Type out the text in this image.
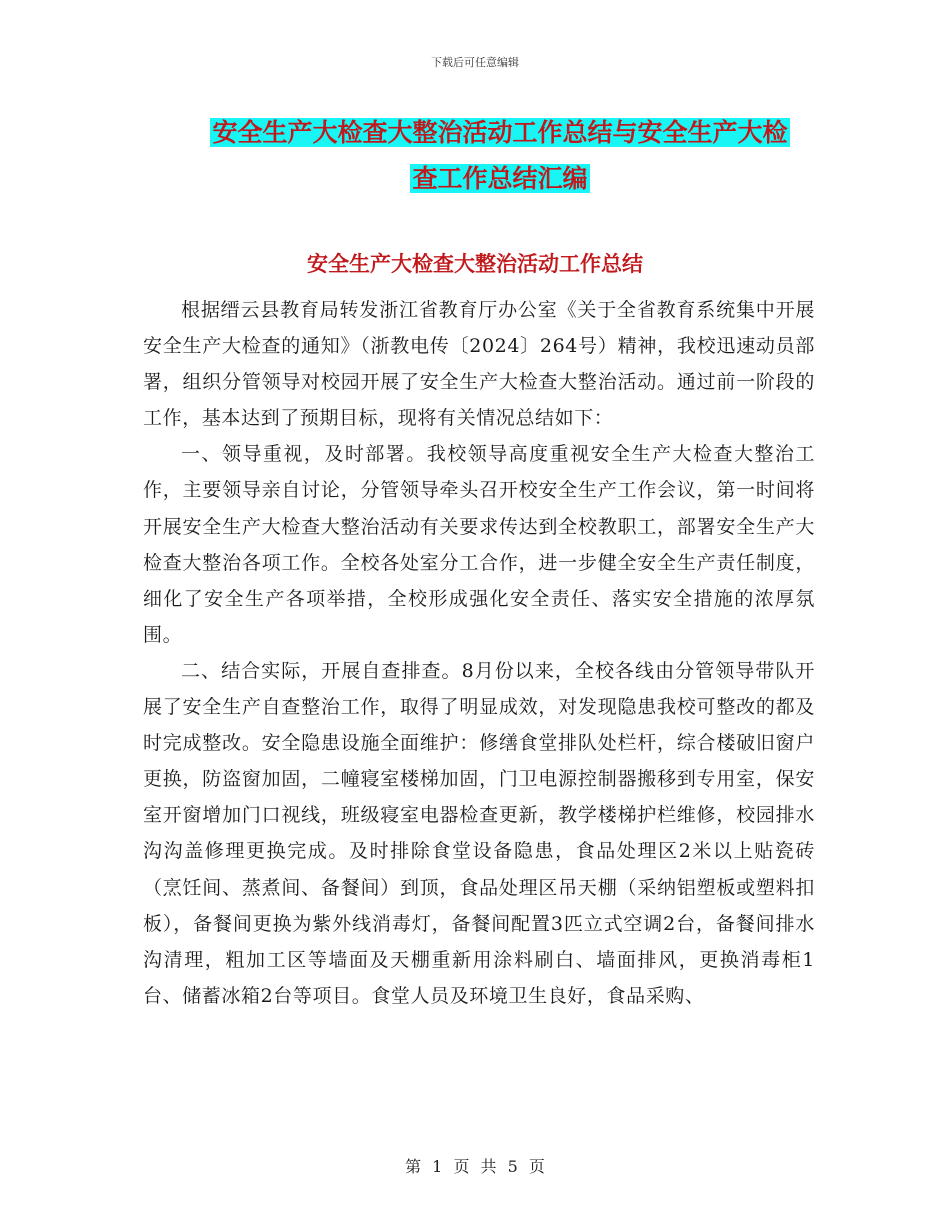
下载后可任意编辑
安全生产大检查大整治活动工作总结与安全生产大检
查工作总结汇编
安全生产大检查大整治活动工作总结

根据缙云县教育局转发浙江省教育厅办公室《关于全省教育系统集中开展安全生产大检查的通知》（浙教电传〔2024〕264号）精神，我校迅速动员部署，组织分管领导对校园开展了安全生产大检查大整治活动。通过前一阶段的工作，基本达到了预期目标，现将有关情况总结如下：

一、领导重视，及时部署。我校领导高度重视安全生产大检查大整治工作，主要领导亲自讨论，分管领导牵头召开校安全生产工作会议，第一时间将开展安全生产大检查大整治活动有关要求传达到全校教职工，部署安全生产大检查大整治各项工作。全校各处室分工合作，进一步健全安全生产责任制度，细化了安全生产各项举措，全校形成强化安全责任、落实安全措施的浓厚氛围。

二、结合实际，开展自查排查。8月份以来，全校各线由分管领导带队开展了安全生产自查整治工作，取得了明显成效，对发现隐患我校可整改的都及时完成整改。安全隐患设施全面维护：修缮食堂排队处栏杆，综合楼破旧窗户更换，防盗窗加固，二幢寝室楼梯加固，门卫电源控制器搬移到专用室，保安室开窗增加门口视线，班级寝室电器检查更新，教学楼梯护栏维修，校园排水沟沟盖修理更换完成。及时排除食堂设备隐患，食品处理区2米以上贴瓷砖（烹饪间、蒸煮间、备餐间）到顶，食品处理区吊天棚（采纳铝塑板或塑料扣板），备餐间更换为紫外线消毒灯，备餐间配置3匹立式空调2台，备餐间排水沟清理，粗加工区等墙面及天棚重新用涂料刷白、墙面排风，更换消毒柜1台、储蓄冰箱2台等项目。食堂人员及环境卫生良好，食品采购、

第 1 页 共 5 页
